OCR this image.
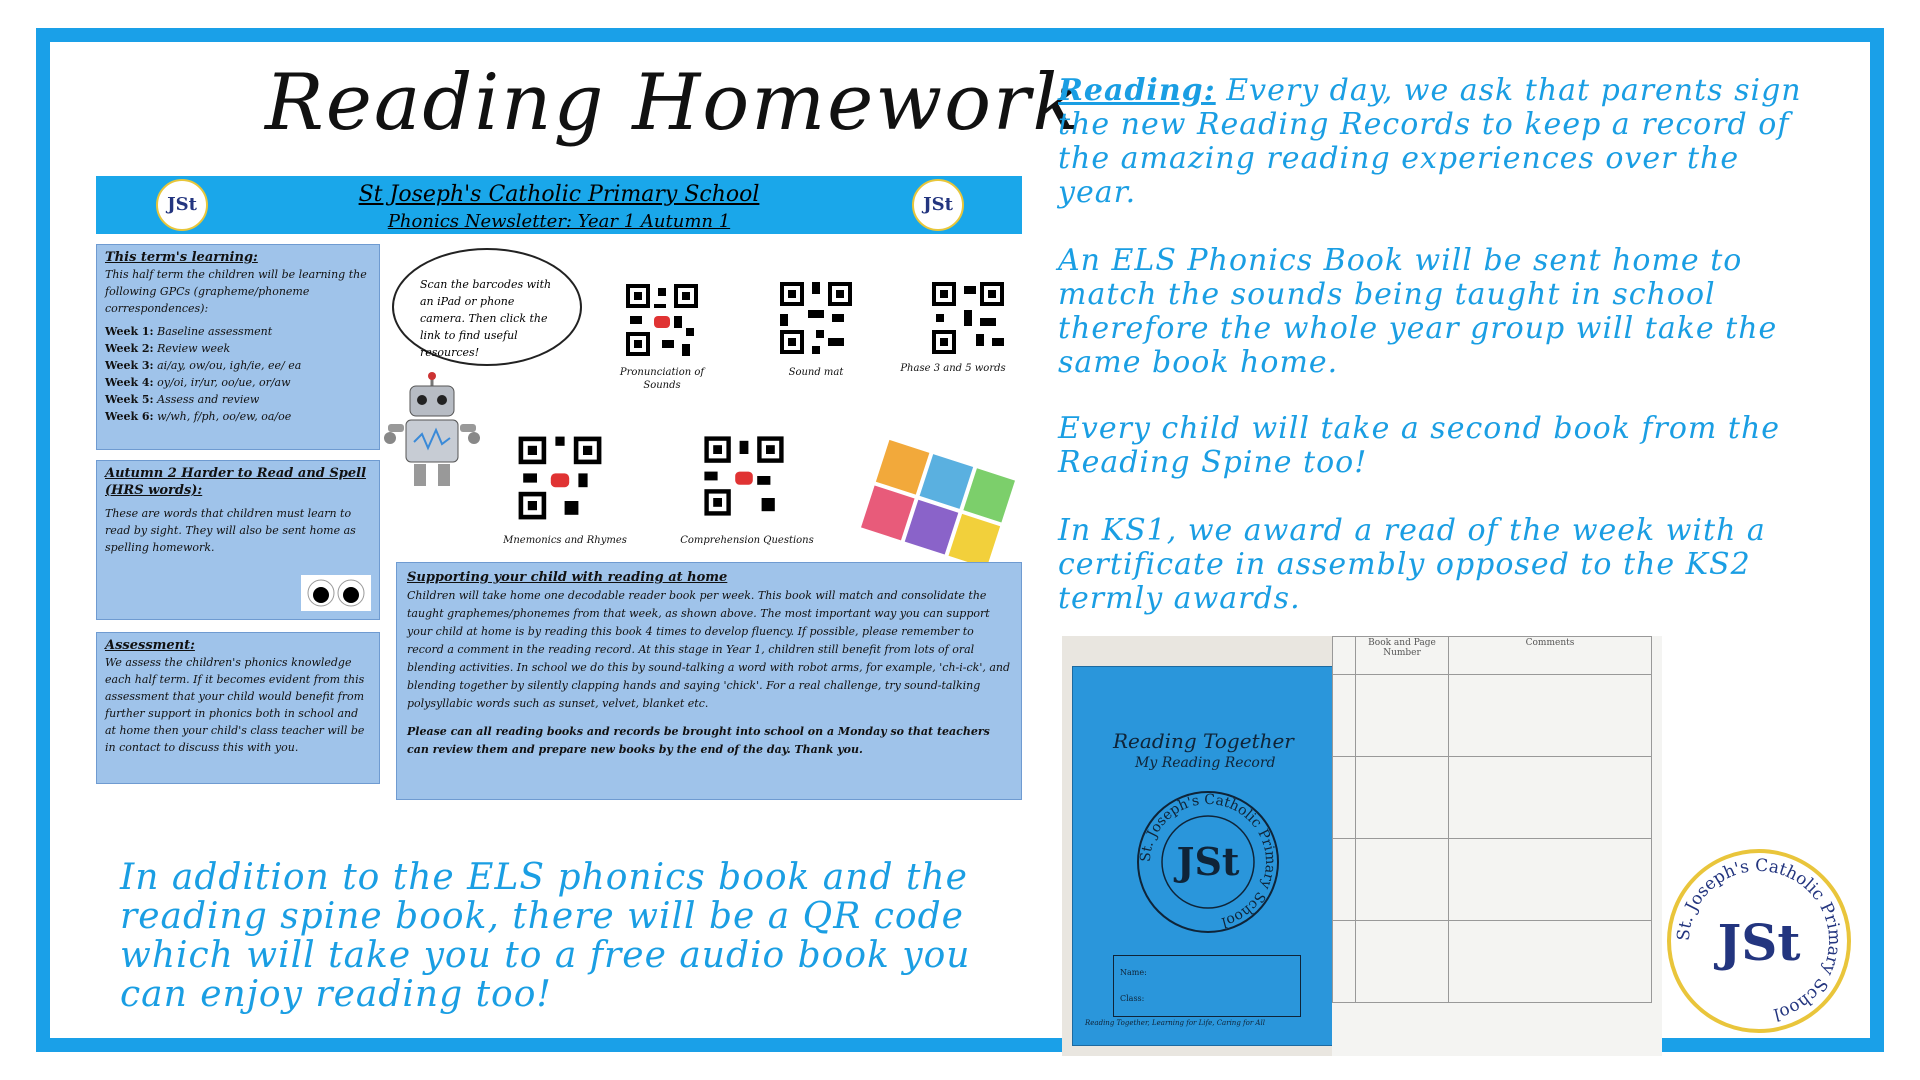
Reading Homework
St Joseph's Catholic Primary School
Phonics Newsletter: Year 1 Autumn 1
JSt	JSt
This term's learning:
This half term the children will be learning the following GPCs (grapheme/phoneme correspondences):
Week 1: Baseline assessment
Week 2: Review week
Week 3: ai/ay, ow/ou, igh/ie, ee/ ea
Week 4: oy/oi, ir/ur, oo/ue, or/aw
Week 5: Assess and review
Week 6: w/wh, f/ph, oo/ew, oa/oe
Autumn 2 Harder to Read and Spell (HRS words):
These are words that children must learn to read by sight. They will also be sent home as spelling homework.
Assessment:
We assess the children's phonics knowledge each half term. If it becomes evident from this assessment that your child would benefit from further support in phonics both in school and at home then your child's class teacher will be in contact to discuss this with you.
Scan the barcodes with an iPad or phone camera. Then click the link to find useful resources!
Pronunciation of Sounds
Sound mat	Phase 3 and 5 words
Mnemonics and Rhymes	Comprehension Questions
Supporting your child with reading at home
Children will take home one decodable reader book per week. This book will match and consolidate the taught graphemes/phonemes from that week, as shown above. The most important way you can support your child at home is by reading this book 4 times to develop fluency. If possible, please remember to record a comment in the reading record. At this stage in Year 1, children still benefit from lots of oral blending activities. In school we do this by sound-talking a word with robot arms, for example, 'ch-i-ck', and blending together by silently clapping hands and saying 'chick'. For a real challenge, try sound-talking polysyllabic words such as sunset, velvet, blanket etc.
Please can all reading books and records be brought into school on a Monday so that teachers can review them and prepare new books by the end of the day. Thank you.
Reading: Every day, we ask that parents sign the new Reading Records to keep a record of the amazing reading experiences over the year.
An ELS Phonics Book will be sent home to match the sounds being taught in school therefore the whole year group will take the same book home.
Every child will take a second book from the Reading Spine too!
In KS1, we award a read of the week with a certificate in assembly opposed to the KS2 termly awards.
In addition to the ELS phonics book and the reading spine book, there will be a QR code which will take you to a free audio book you can enjoy reading too!
Reading Together
My Reading Record
St. Joseph's Catholic Primary School
JSt
Name:
Class:
Reading Together, Learning for Life, Caring for All
	Book and Page Number	Comments

St. Joseph's Catholic Primary School
JSt
